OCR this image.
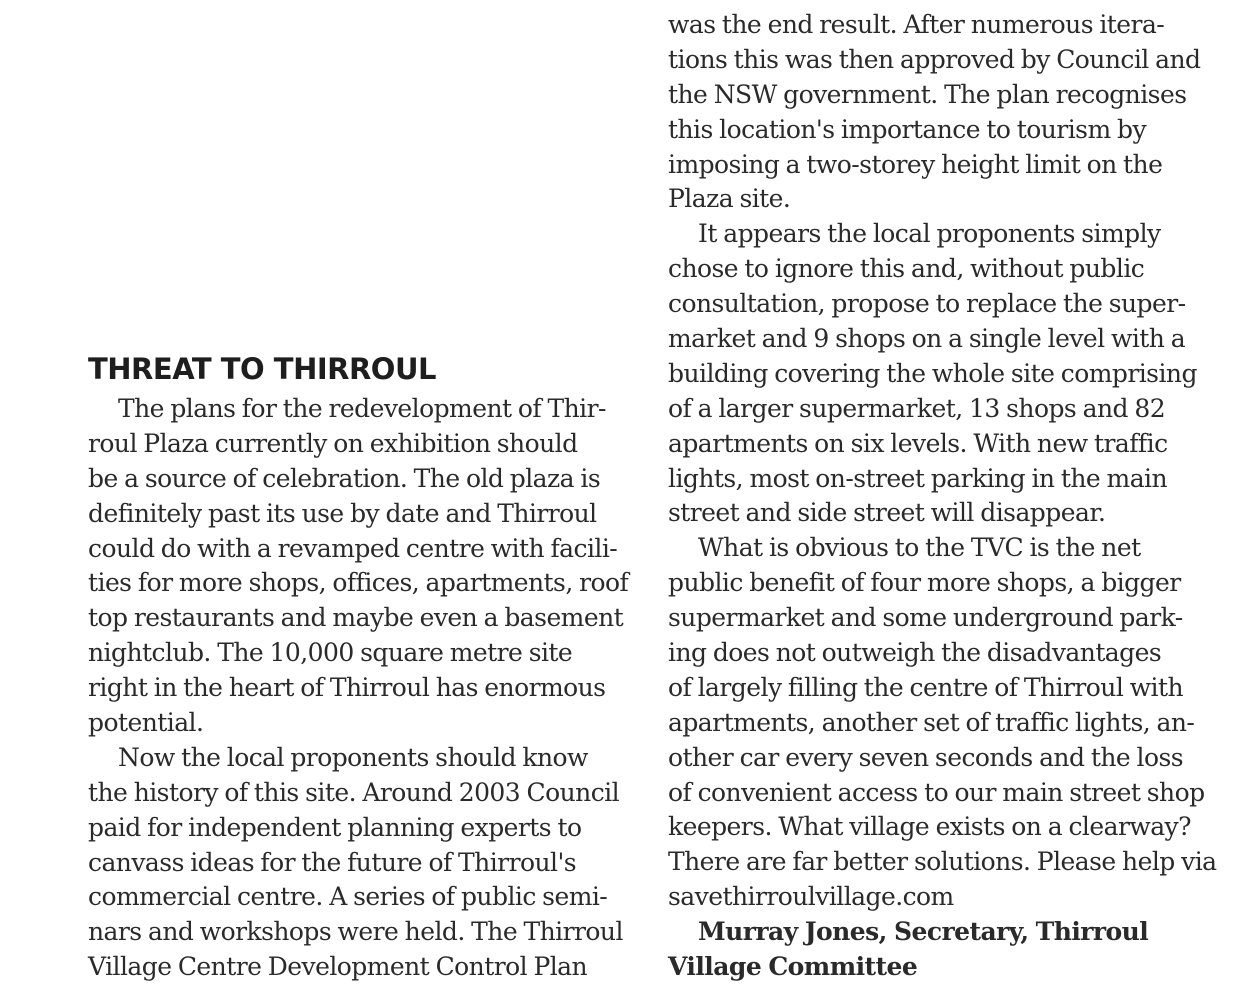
THREAT TO THIRROUL
The plans for the redevelopment of Thir-
roul Plaza currently on exhibition should
be a source of celebration. The old plaza is
definitely past its use by date and Thirroul
could do with a revamped centre with facili-
ties for more shops, offices, apartments, roof
top restaurants and maybe even a basement
nightclub. The 10,000 square metre site
right in the heart of Thirroul has enormous
potential.
Now the local proponents should know
the history of this site. Around 2003 Council
paid for independent planning experts to
canvass ideas for the future of Thirroul's
commercial centre. A series of public semi-
nars and workshops were held. The Thirroul
Village Centre Development Control Plan
was the end result. After numerous itera-
tions this was then approved by Council and
the NSW government. The plan recognises
this location's importance to tourism by
imposing a two-storey height limit on the
Plaza site.
It appears the local proponents simply
chose to ignore this and, without public
consultation, propose to replace the super-
market and 9 shops on a single level with a
building covering the whole site comprising
of a larger supermarket, 13 shops and 82
apartments on six levels. With new traffic
lights, most on-street parking in the main
street and side street will disappear.
What is obvious to the TVC is the net
public benefit of four more shops, a bigger
supermarket and some underground park-
ing does not outweigh the disadvantages
of largely filling the centre of Thirroul with
apartments, another set of traffic lights, an-
other car every seven seconds and the loss
of convenient access to our main street shop
keepers. What village exists on a clearway?
There are far better solutions. Please help via
savethirroulvillage.com
Murray Jones, Secretary, Thirroul
Village Committee
